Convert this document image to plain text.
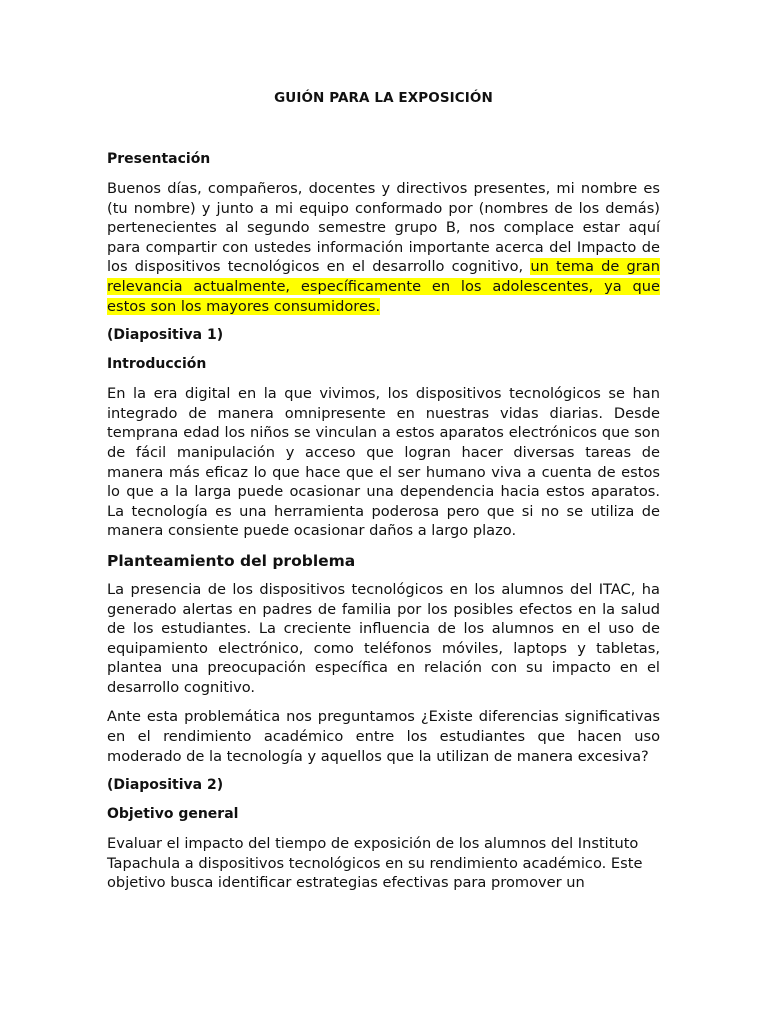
GUIÓN PARA LA EXPOSICIÓN
Presentación

Buenos días, compañeros, docentes y directivos presentes, mi nombre es (tu nombre) y junto a mi equipo conformado por (nombres de los demás) pertenecientes al segundo semestre grupo B, nos complace estar aquí para compartir con ustedes información importante acerca del Impacto de los dispositivos tecnológicos en el desarrollo cognitivo, un tema de gran relevancia actualmente, específicamente en los adolescentes, ya que estos son los mayores consumidores.

(Diapositiva 1)
Introducción

En la era digital en la que vivimos, los dispositivos tecnológicos se han integrado de manera omnipresente en nuestras vidas diarias. Desde temprana edad los niños se vinculan a estos aparatos electrónicos que son de fácil manipulación y acceso que logran hacer diversas tareas de manera más eficaz lo que hace que el ser humano viva a cuenta de estos lo que a la larga puede ocasionar una dependencia hacia estos aparatos. La tecnología es una herramienta poderosa pero que si no se utiliza de manera consiente puede ocasionar daños a largo plazo.

Planteamiento del problema

La presencia de los dispositivos tecnológicos en los alumnos del ITAC, ha generado alertas en padres de familia por los posibles efectos en la salud de los estudiantes. La creciente influencia de los alumnos en el uso de equipamiento electrónico, como teléfonos móviles, laptops y tabletas, plantea una preocupación específica en relación con su impacto en el desarrollo cognitivo.

Ante esta problemática nos preguntamos ¿Existe diferencias significativas en el rendimiento académico entre los estudiantes que hacen uso moderado de la tecnología y aquellos que la utilizan de manera excesiva?

(Diapositiva 2)
Objetivo general

Evaluar el impacto del tiempo de exposición de los alumnos del Instituto Tapachula a dispositivos tecnológicos en su rendimiento académico. Este objetivo busca identificar estrategias efectivas para promover un
